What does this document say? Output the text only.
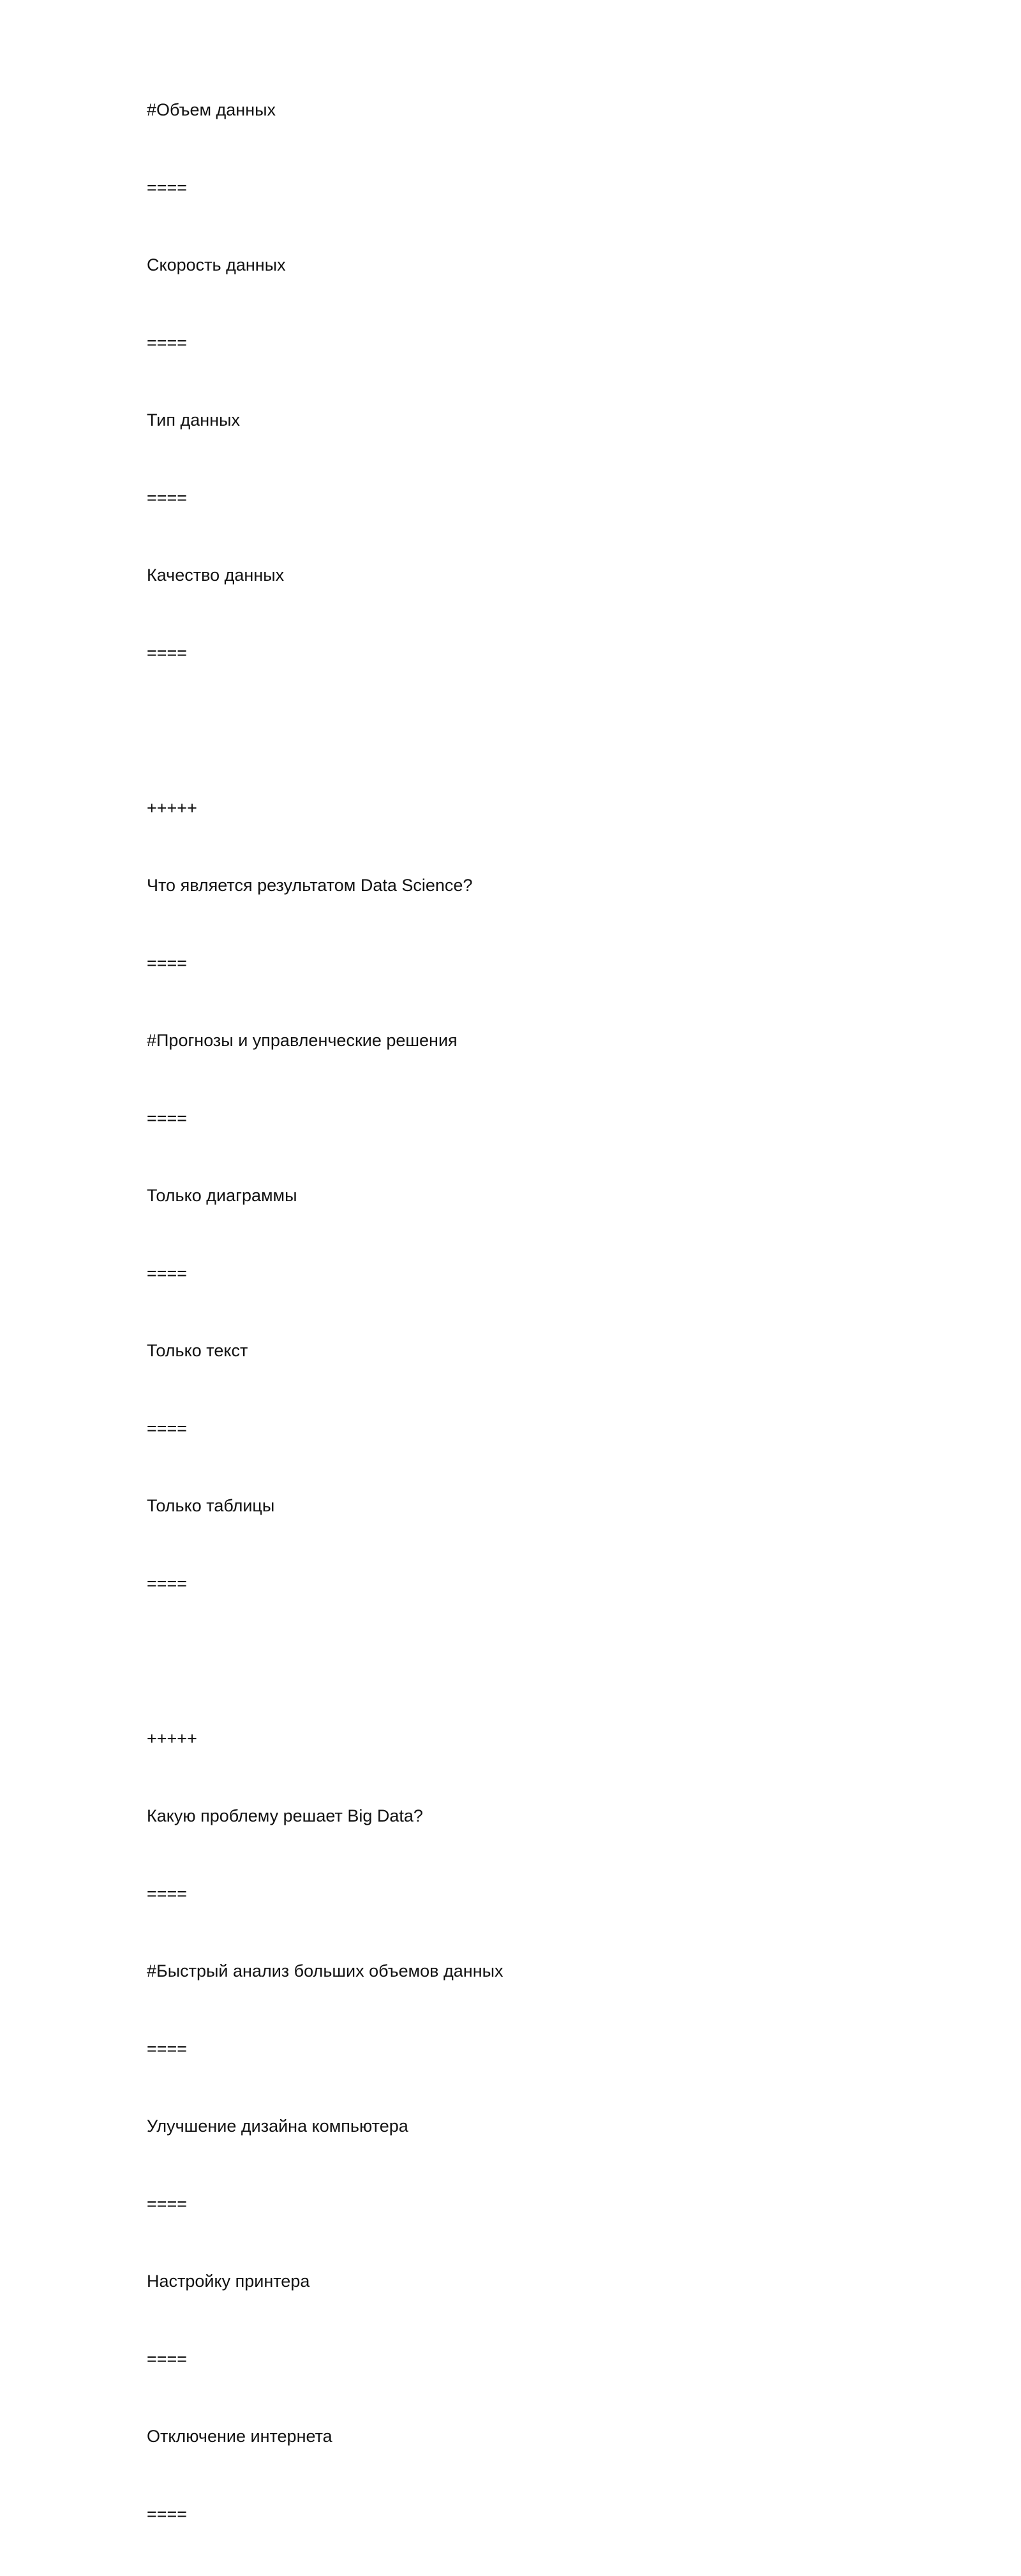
#Объем данных
====
Скорость данных
====
Тип данных
====
Качество данных
====
+++++
Что является результатом Data Science?
====
#Прогнозы и управленческие решения
====
Только диаграммы
====
Только текст
====
Только таблицы
====
+++++
Какую проблему решает Big Data?
====
#Быстрый анализ больших объемов данных
====
Улучшение дизайна компьютера
====
Настройку принтера
====
Отключение интернета
====
